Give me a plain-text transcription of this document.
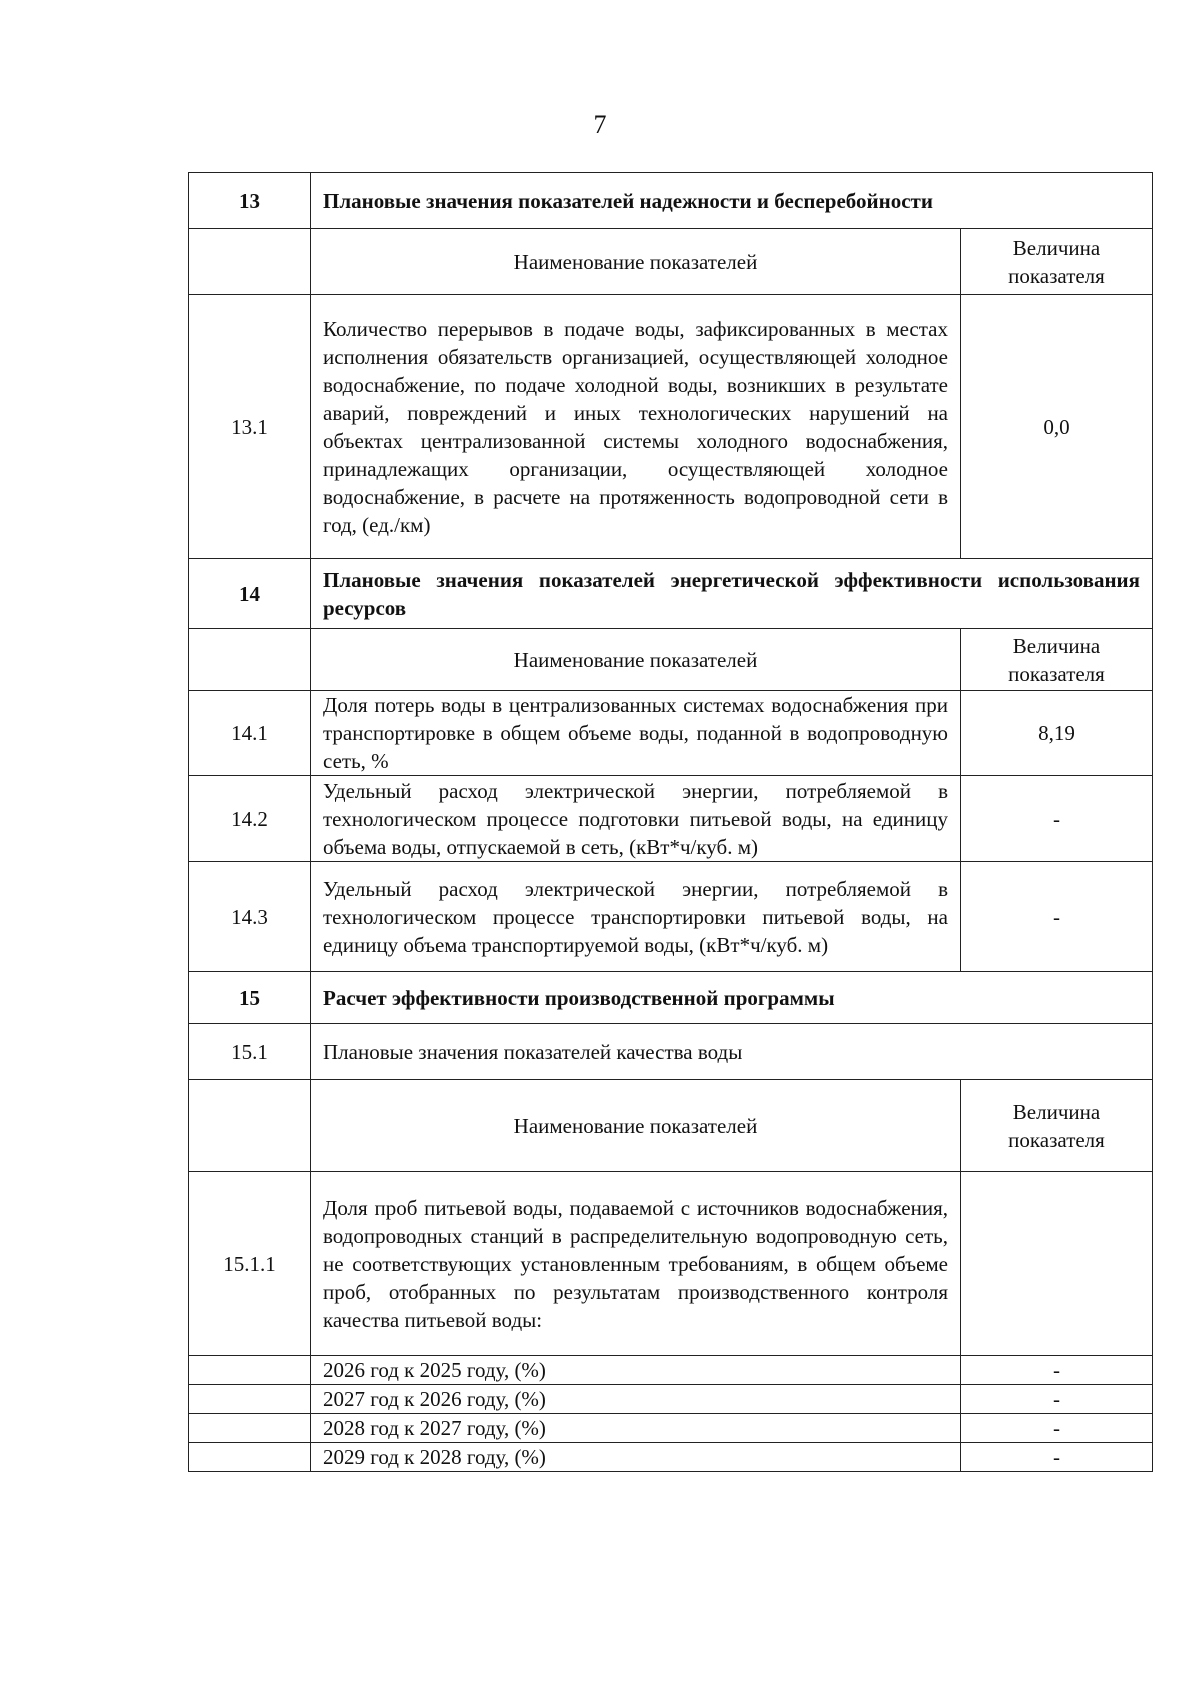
7
13	Плановые значения показателей надежности и бесперебойности	
	Наименование показателей	Величина показателя
13.1	Количество перерывов в подаче воды, зафиксированных в местах исполнения обязательств организацией, осуществляющей холодное водоснабжение, по подаче холодной воды, возникших в результате аварий, повреждений и иных технологических нарушений на объектах централизованной системы холодного водоснабжения, принадлежащих организации, осуществляющей холодное водоснабжение, в расчете на протяженность водопроводной сети в год, (ед./км)	0,0
14	Плановые значения показателей энергетической эффективности использования ресурсов	
	Наименование показателей	Величина показателя
14.1	Доля потерь воды в централизованных системах водоснабжения при транспортировке в общем объеме воды, поданной в водопроводную сеть, %	8,19
14.2	Удельный расход электрической энергии, потребляемой в технологическом процессе подготовки питьевой воды, на единицу объема воды, отпускаемой в сеть, (кВт*ч/куб. м)	-
14.3	Удельный расход электрической энергии, потребляемой в технологическом процессе транспортировки питьевой воды, на единицу объема транспортируемой воды, (кВт*ч/куб. м)	-
15	Расчет эффективности производственной программы	
15.1	Плановые значения показателей качества воды	
	Наименование показателей	Величина показателя
15.1.1	Доля проб питьевой воды, подаваемой с источников водоснабжения, водопроводных станций в распределительную водопроводную сеть, не соответствующих установленным требованиям, в общем объеме проб, отобранных по результатам производственного контроля качества питьевой воды:	
	2026 год к 2025 году, (%)	-
	2027 год к 2026 году, (%)	-
	2028 год к 2027 году, (%)	-
	2029 год к 2028 году, (%)	-
